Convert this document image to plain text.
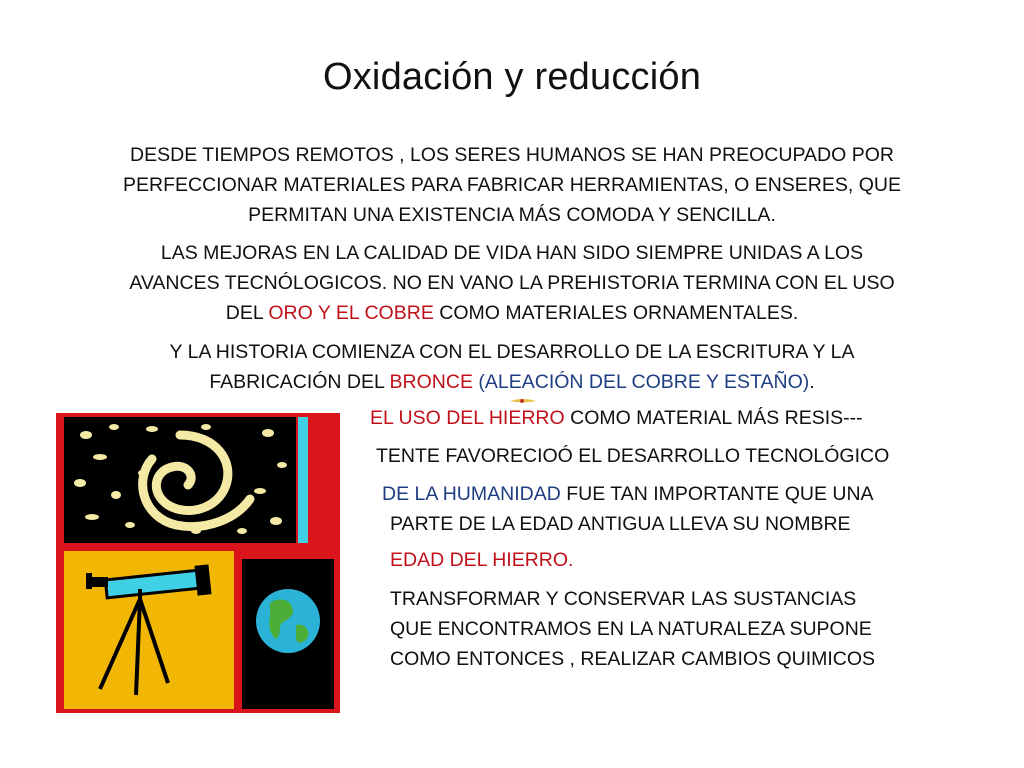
Oxidación y reducción
DESDE TIEMPOS REMOTOS , LOS SERES HUMANOS SE HAN PREOCUPADO POR
PERFECCIONAR MATERIALES PARA FABRICAR HERRAMIENTAS, O ENSERES, QUE
PERMITAN UNA EXISTENCIA MÁS COMODA Y SENCILLA.
LAS MEJORAS EN LA CALIDAD DE VIDA HAN SIDO SIEMPRE UNIDAS A LOS
AVANCES TECNÓLOGICOS. NO EN VANO LA PREHISTORIA TERMINA CON EL USO
DEL ORO Y EL COBRE COMO MATERIALES ORNAMENTALES.
Y LA HISTORIA COMIENZA CON EL DESARROLLO DE LA ESCRITURA Y LA
FABRICACIÓN DEL BRONCE (ALEACIÓN DEL COBRE Y ESTAÑO).
EL USO DEL HIERRO COMO MATERIAL MÁS RESIS---
TENTE FAVORECIOÓ EL DESARROLLO TECNOLÓGICO
DE LA HUMANIDAD FUE TAN IMPORTANTE QUE UNA
PARTE DE LA EDAD ANTIGUA LLEVA SU NOMBRE
EDAD DEL HIERRO.
TRANSFORMAR Y CONSERVAR LAS SUSTANCIAS
QUE ENCONTRAMOS EN LA NATURALEZA SUPONE
COMO ENTONCES , REALIZAR CAMBIOS QUIMICOS
